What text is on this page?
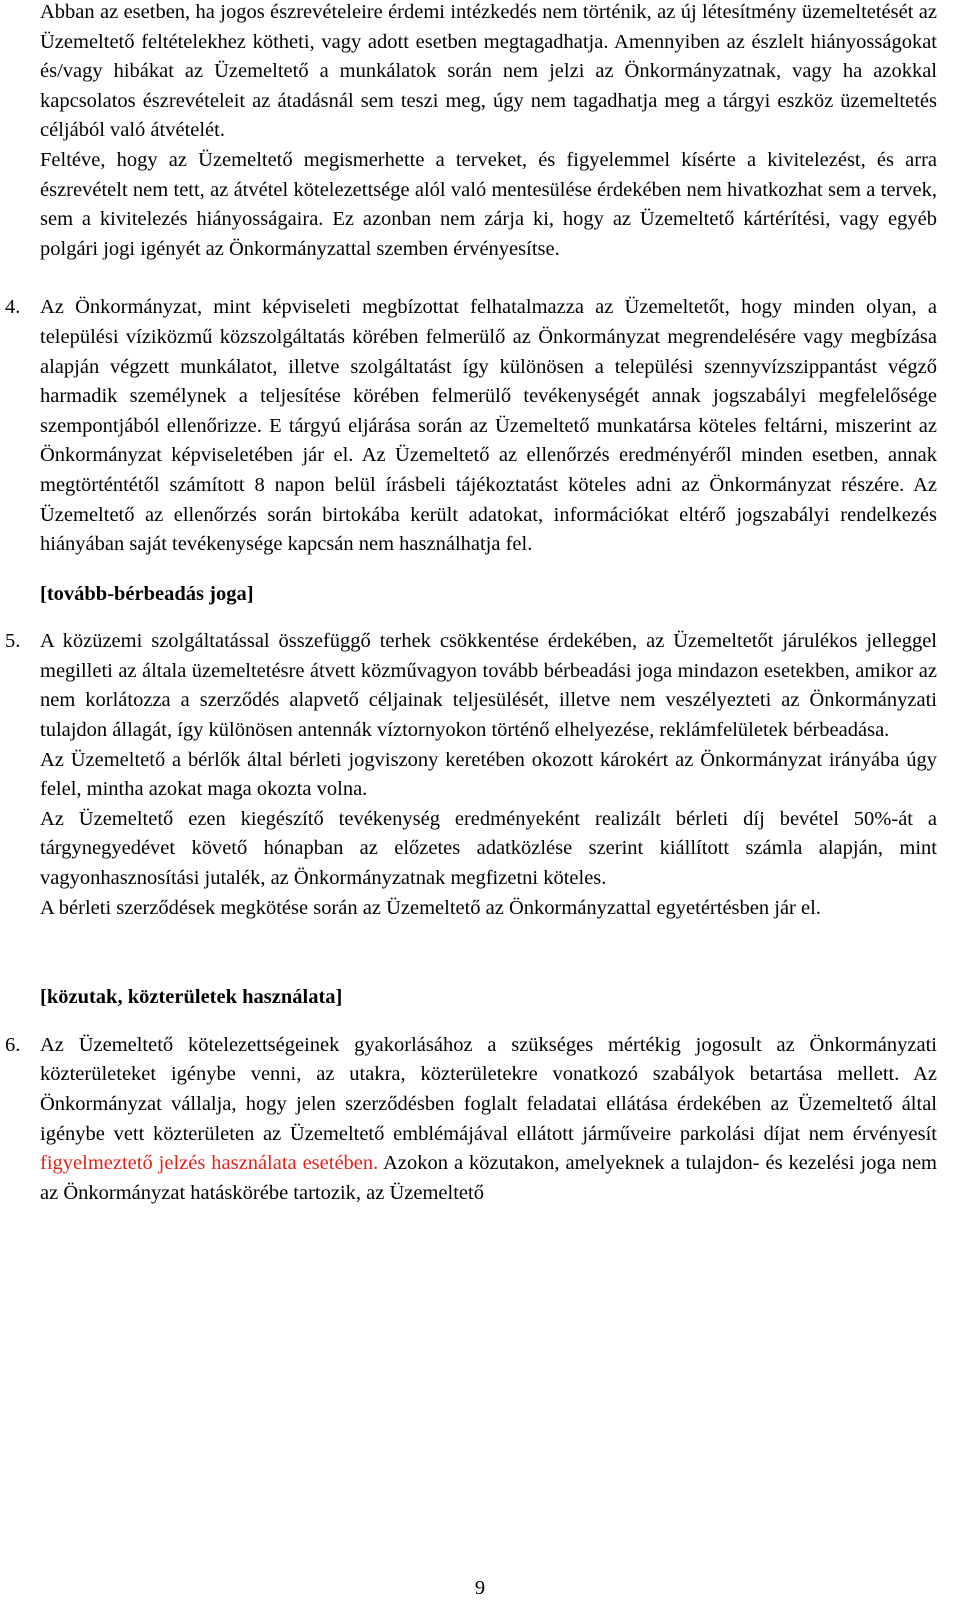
Abban az esetben, ha jogos észrevételeire érdemi intézkedés nem történik, az új létesítmény üzemeltetését az Üzemeltető feltételekhez kötheti, vagy adott esetben megtagadhatja. Amennyiben az észlelt hiányosságokat és/vagy hibákat az Üzemeltető a munkálatok során nem jelzi az Önkormányzatnak, vagy ha azokkal kapcsolatos észrevételeit az átadásnál sem teszi meg, úgy nem tagadhatja meg a tárgyi eszköz üzemeltetés céljából való átvételét.

Feltéve, hogy az Üzemeltető megismerhette a terveket, és figyelemmel kísérte a kivitelezést, és arra észrevételt nem tett, az átvétel kötelezettsége alól való mentesülése érdekében nem hivatkozhat sem a tervek, sem a kivitelezés hiányosságaira. Ez azonban nem zárja ki, hogy az Üzemeltető kártérítési, vagy egyéb polgári jogi igényét az Önkormányzattal szemben érvényesítse.

4. Az Önkormányzat, mint képviseleti megbízottat felhatalmazza az Üzemeltetőt, hogy minden olyan, a települési víziközmű közszolgáltatás körében felmerülő az Önkormányzat megrendelésére vagy megbízása alapján végzett munkálatot, illetve szolgáltatást így különösen a települési szennyvízszippantást végző harmadik személynek a teljesítése körében felmerülő tevékenységét annak jogszabályi megfelelősége szempontjából ellenőrizze. E tárgyú eljárása során az Üzemeltető munkatársa köteles feltárni, miszerint az Önkormányzat képviseletében jár el. Az Üzemeltető az ellenőrzés eredményéről minden esetben, annak megtörténtétől számított 8 napon belül írásbeli tájékoztatást köteles adni az Önkormányzat részére. Az Üzemeltető az ellenőrzés során birtokába került adatokat, információkat eltérő jogszabályi rendelkezés hiányában saját tevékenysége kapcsán nem használhatja fel.

[tovább-bérbeadás joga]

5. A közüzemi szolgáltatással összefüggő terhek csökkentése érdekében, az Üzemeltetőt járulékos jelleggel megilleti az általa üzemeltetésre átvett közművagyon tovább bérbeadási joga mindazon esetekben, amikor az nem korlátozza a szerződés alapvető céljainak teljesülését, illetve nem veszélyezteti az Önkormányzati tulajdon állagát, így különösen antennák víztornyokon történő elhelyezése, reklámfelületek bérbeadása.

Az Üzemeltető a bérlők által bérleti jogviszony keretében okozott károkért az Önkormányzat irányába úgy felel, mintha azokat maga okozta volna.

Az Üzemeltető ezen kiegészítő tevékenység eredményeként realizált bérleti díj bevétel 50%-át a tárgynegyedévet követő hónapban az előzetes adatközlése szerint kiállított számla alapján, mint vagyonhasznosítási jutalék, az Önkormányzatnak megfizetni köteles.

A bérleti szerződések megkötése során az Üzemeltető az Önkormányzattal egyetértésben jár el.

[közutak, közterületek használata]

6. Az Üzemeltető kötelezettségeinek gyakorlásához a szükséges mértékig jogosult az Önkormányzati közterületeket igénybe venni, az utakra, közterületekre vonatkozó szabályok betartása mellett. Az Önkormányzat vállalja, hogy jelen szerződésben foglalt feladatai ellátása érdekében az Üzemeltető által igénybe vett közterületen az Üzemeltető emblémájával ellátott járműveire parkolási díjat nem érvényesít figyelmeztető jelzés használata esetében. Azokon a közutakon, amelyeknek a tulajdon- és kezelési joga nem az Önkormányzat hatáskörébe tartozik, az Üzemeltető

9
